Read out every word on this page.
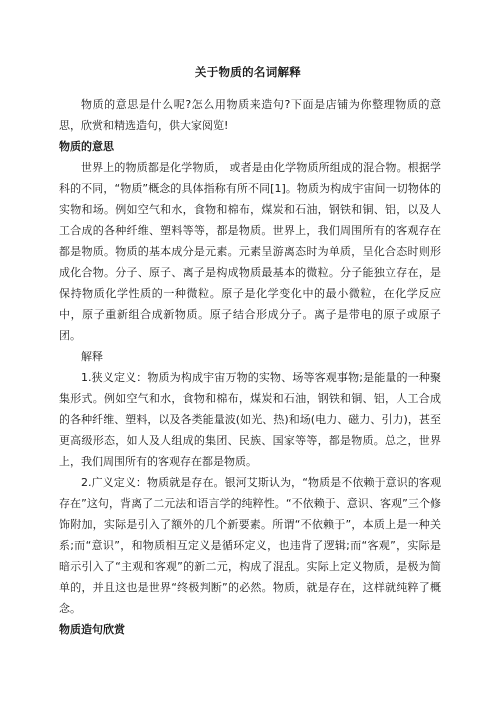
关于物质的名词解释

物质的意思是什么呢?怎么用物质来造句?下面是店铺为你整理物质的意思，欣赏和精选造句，供大家阅览!

物质的意思

世界上的物质都是化学物质， 或者是由化学物质所组成的混合物。根据学科的不同，“物质”概念的具体指称有所不同[1]。物质为构成宇宙间一切物体的实物和场。例如空气和水，食物和棉布，煤炭和石油，钢铁和铜、铝，以及人工合成的各种纤维、塑料等等，都是物质。世界上，我们周围所有的客观存在都是物质。物质的基本成分是元素。元素呈游离态时为单质，呈化合态时则形成化合物。分子、原子、离子是构成物质最基本的微粒。分子能独立存在，是保持物质化学性质的一种微粒。原子是化学变化中的最小微粒，在化学反应中，原子重新组合成新物质。原子结合形成分子。离子是带电的原子或原子团。

解释

1.狭义定义：物质为构成宇宙万物的实物、场等客观事物;是能量的一种聚集形式。例如空气和水，食物和棉布，煤炭和石油，钢铁和铜、铝，人工合成的各种纤维、塑料，以及各类能量波(如光、热)和场(电力、磁力、引力)，甚至更高级形态，如人及人组成的集团、民族、国家等等，都是物质。总之，世界上，我们周围所有的客观存在都是物质。

2.广义定义：物质就是存在。银河艾斯认为，“物质是不依赖于意识的客观存在”这句，背离了二元法和语言学的纯粹性。“不依赖于、意识、客观”三个修饰附加，实际是引入了额外的几个新要素。所谓“不依赖于”，本质上是一种关系;而“意识”，和物质相互定义是循环定义，也违背了逻辑;而“客观”，实际是暗示引入了“主观和客观”的新二元，构成了混乱。实际上定义物质，是极为简单的，并且这也是世界“终极判断”的必然。物质，就是存在，这样就纯粹了概念。

物质造句欣赏
